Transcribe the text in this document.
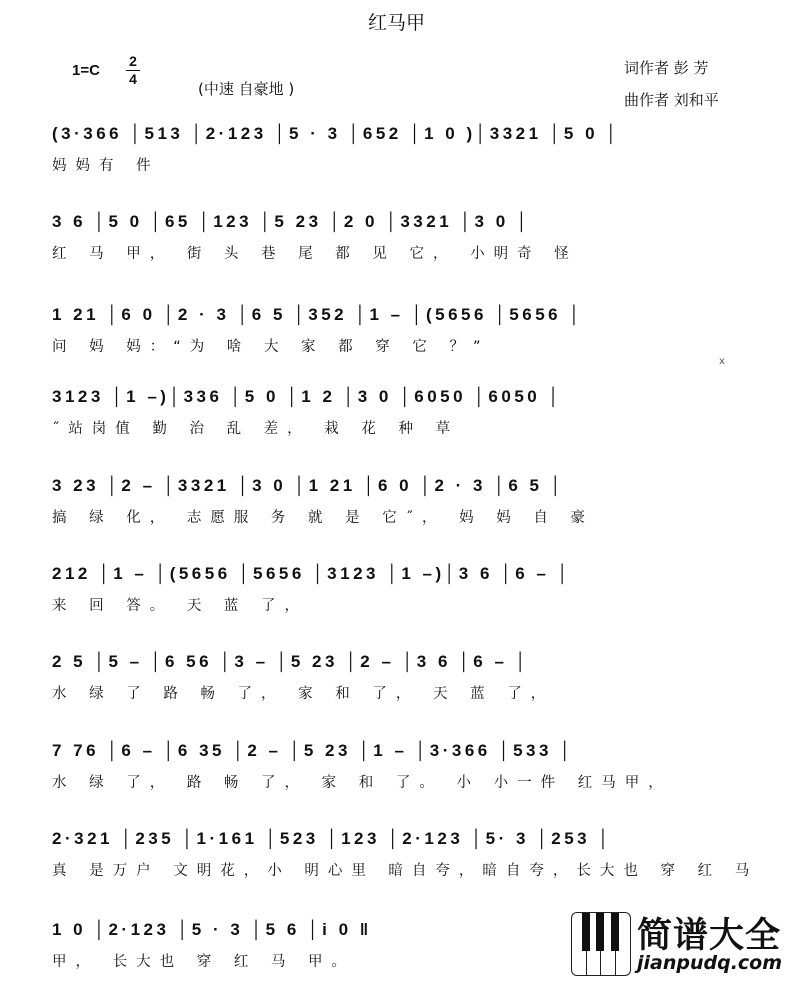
红马甲
1=C
2
4
(中速 自豪地 )
词作者 彭 芳
曲作者 刘和平
(3·366 │513 │2·123 │5 · 3 │652 │1 0 )│3321 │5 0 │
妈妈有 件
3 6 │5 0 │65 │123 │5 23 │2 0 │3321 │3 0 │
红 马 甲， 街 头 巷 尾 都 见 它， 小明奇 怪
1 21 │6 0 │2 · 3 │6 5 │352 │1 – │(5656 │5656 │
问 妈 妈：“为 啥 大 家 都 穿 它 ？”
3123 │1 –)│336 │5 0 │1 2 │3 0 │6050 │6050 │
˝站岗值 勤 治 乱 差， 栽 花 种 草
3 23 │2 – │3321 │3 0 │1 21 │6 0 │2 · 3 │6 5 │
搞 绿 化， 志愿服 务 就 是 它˝， 妈 妈 自 豪
212 │1 – │(5656 │5656 │3123 │1 –)│3 6 │6 – │
来 回 答。 天 蓝 了，
2 5 │5 – │6 56 │3 – │5 23 │2 – │3 6 │6 – │
水 绿 了 路 畅 了， 家 和 了， 天 蓝 了，
7 76 │6 – │6 35 │2 – │5 23 │1 – │3·366 │533 │
水 绿 了， 路 畅 了， 家 和 了。 小 小一件 红马甲，
2·321 │235 │1·161 │523 │123 │2·123 │5· 3 │253 │
真 是万户 文明花，小 明心里 暗自夸，暗自夸，长大也 穿 红 马
1 0 │2·123 │5 · 3 │5 6 │i 0 ‖
甲， 长大也 穿 红 马 甲。
x
简谱大全
jianpudq.com
